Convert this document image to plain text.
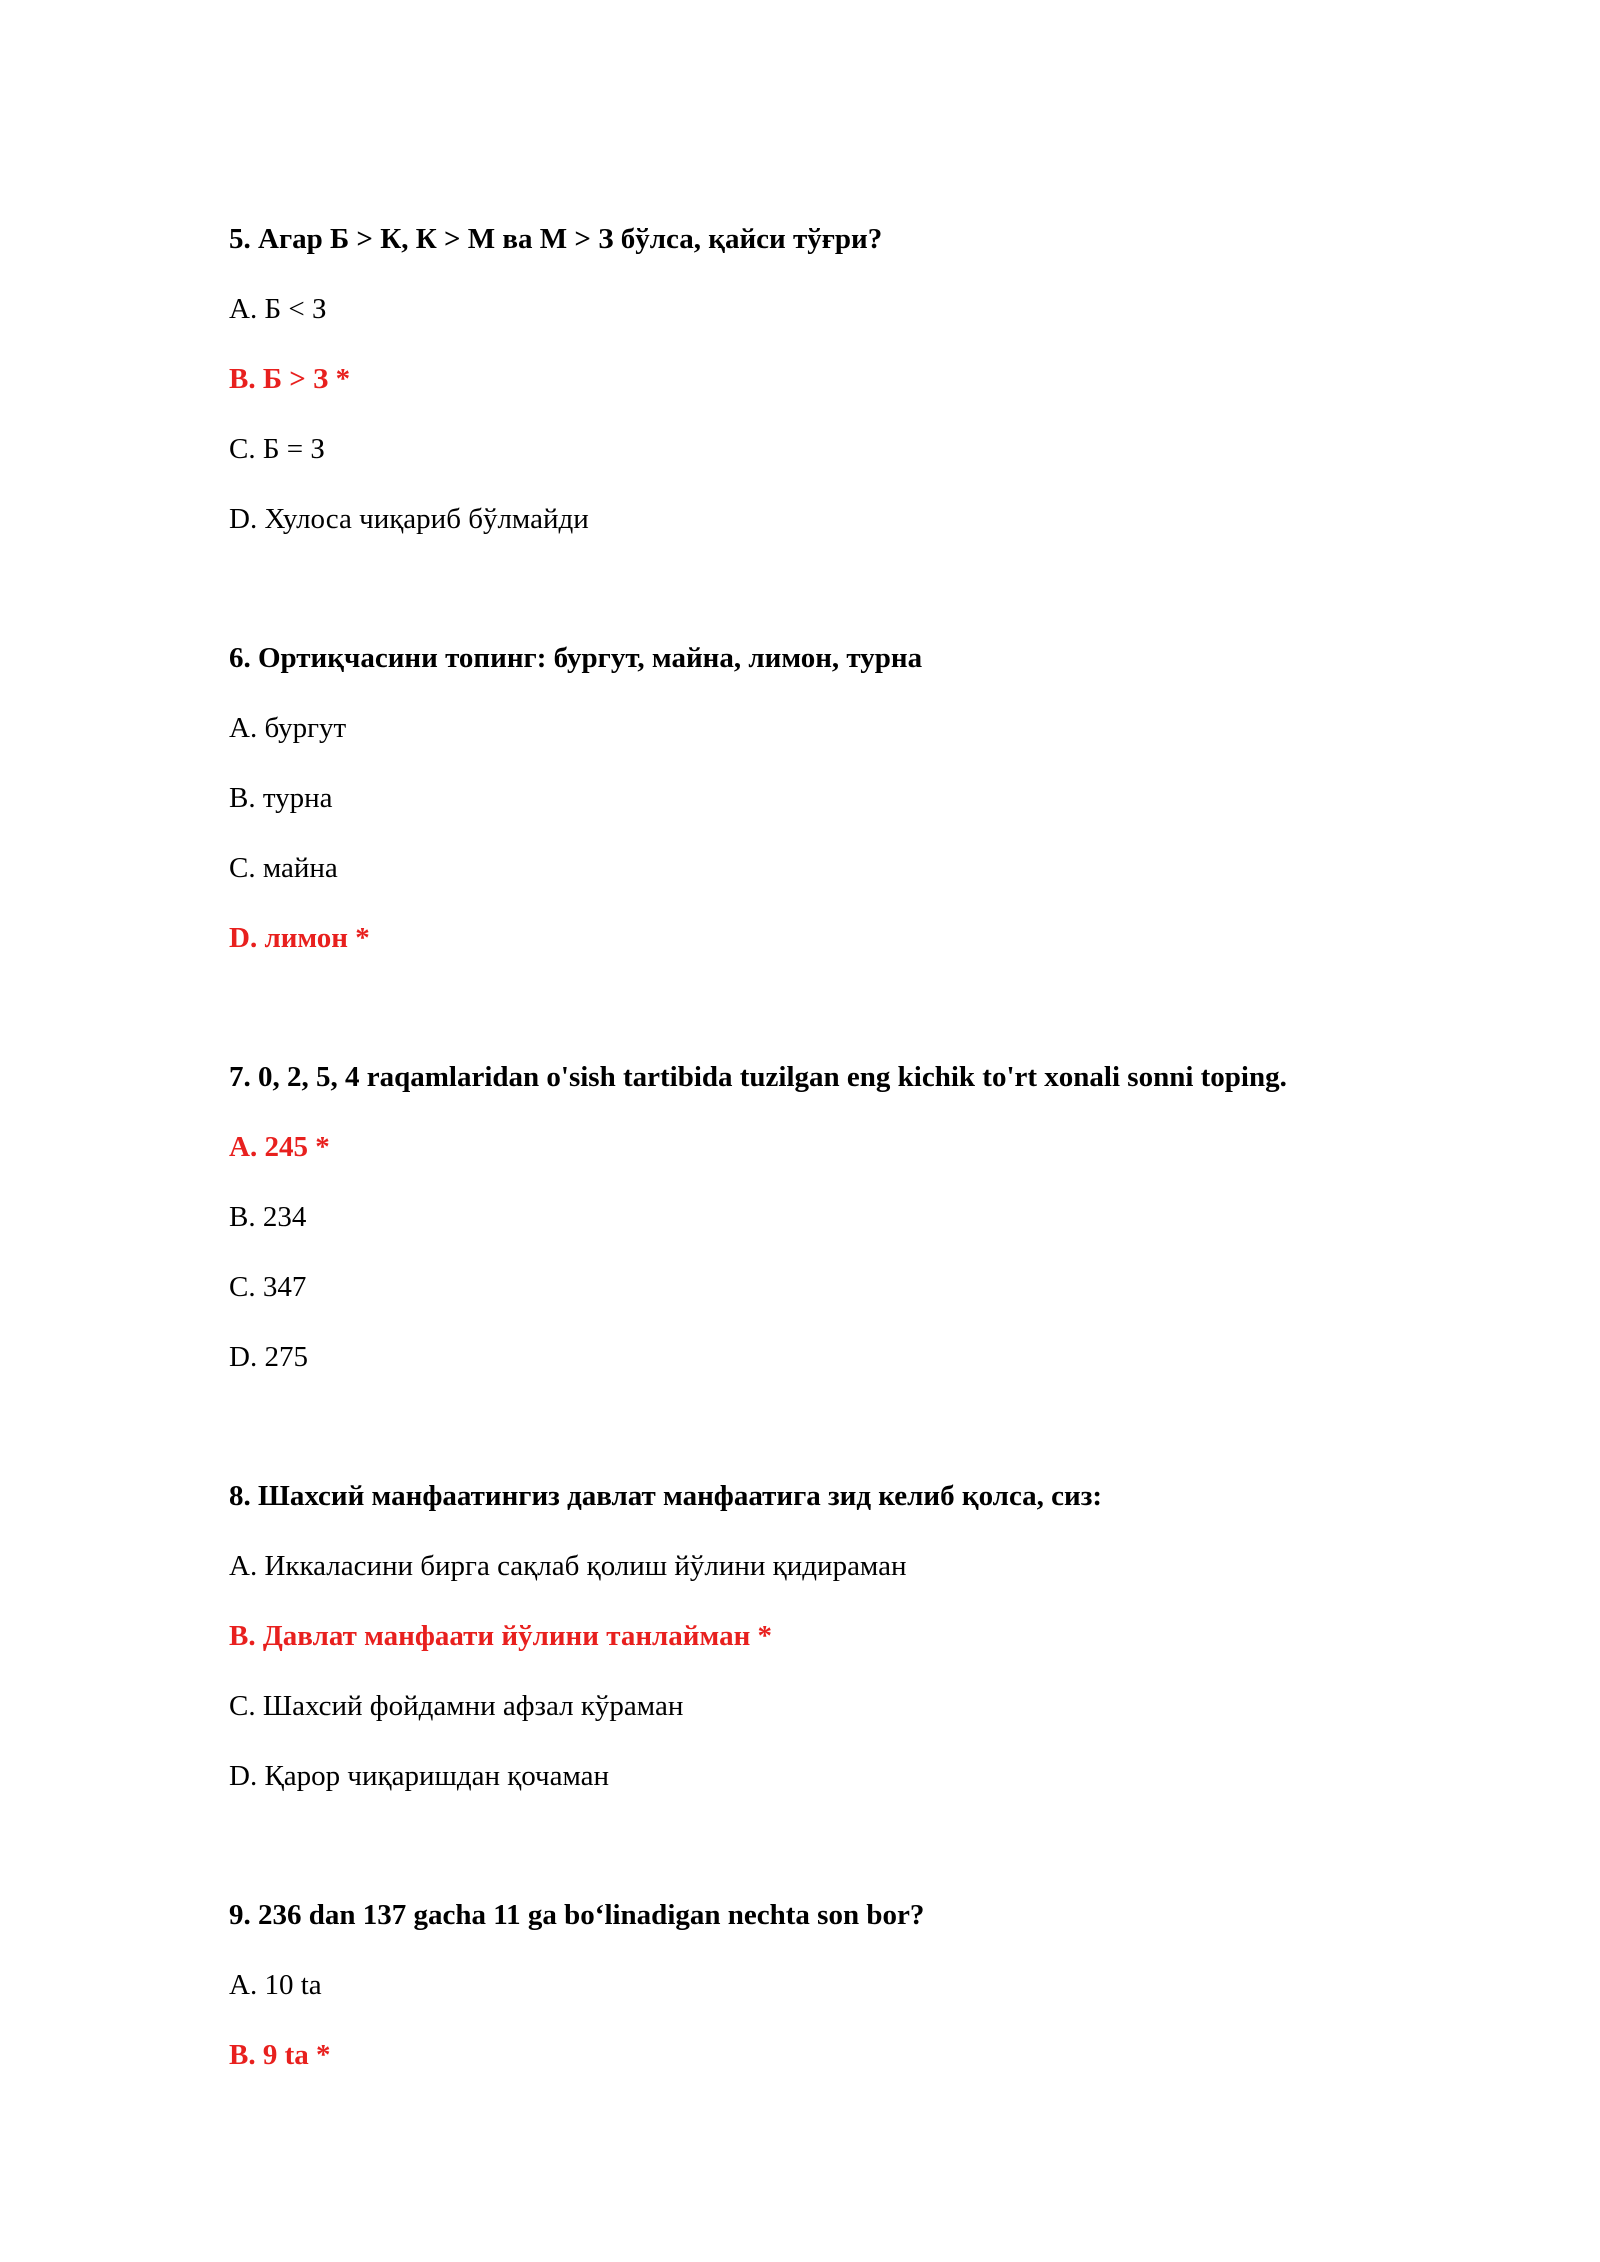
5. Агар Б > К, К > М ва М > З бўлса, қайси тўғри?
A. Б < З
B. Б > З *
C. Б = З
D. Хулоса чиқариб бўлмайди
6. Ортиқчасини топинг: бургут, майна, лимон, турна
A. бургут
B. турна
C. майна
D. лимон *
7. 0, 2, 5, 4 raqamlaridan o'sish tartibida tuzilgan eng kichik to'rt xonali sonni toping.
A. 245 *
B. 234
C. 347
D. 275
8. Шахсий манфаатингиз давлат манфаатига зид келиб қолса, сиз:
A. Иккаласини бирга сақлаб қолиш йўлини қидираман
B. Давлат манфаати йўлини танлайман *
C. Шахсий фойдамни афзал кўраман
D. Қарор чиқаришдан қочаман
9. 236 dan 137 gacha 11 ga bo‘linadigan nechta son bor?
A. 10 ta
B. 9 ta *
